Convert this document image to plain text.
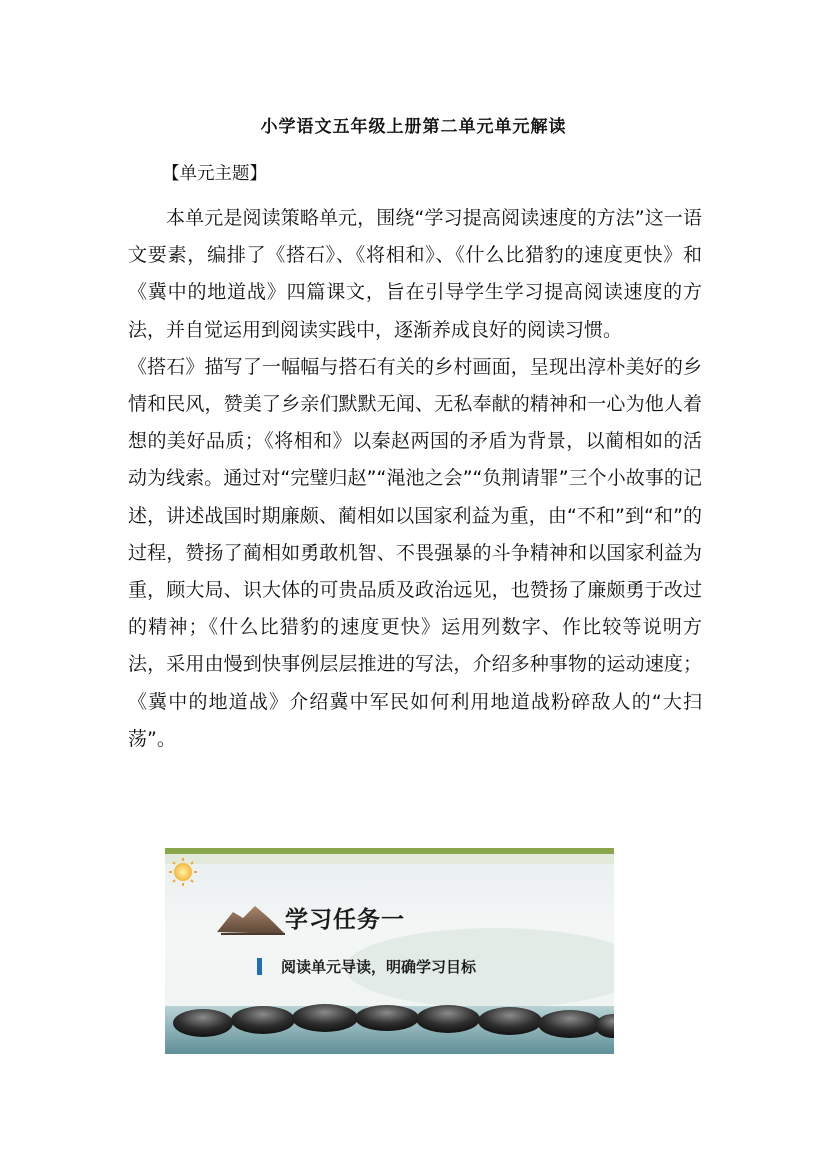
小学语文五年级上册第二单元单元解读
【单元主题】

本单元是阅读策略单元，围绕“学习提高阅读速度的方法”这一语文要素，编排了《搭石》、《将相和》、《什么比猎豹的速度更快》和《冀中的地道战》四篇课文，旨在引导学生学习提高阅读速度的方法，并自觉运用到阅读实践中，逐渐养成良好的阅读习惯。

《搭石》描写了一幅幅与搭石有关的乡村画面，呈现出淳朴美好的乡情和民风，赞美了乡亲们默默无闻、无私奉献的精神和一心为他人着想的美好品质；《将相和》以秦赵两国的矛盾为背景，以蔺相如的活动为线索。通过对“完璧归赵”“渑池之会”“负荆请罪”三个小故事的记述，讲述战国时期廉颇、蔺相如以国家利益为重，由“不和”到“和”的过程，赞扬了蔺相如勇敢机智、不畏强暴的斗争精神和以国家利益为重，顾大局、识大体的可贵品质及政治远见，也赞扬了廉颇勇于改过的精神；《什么比猎豹的速度更快》运用列数字、作比较等说明方法，采用由慢到快事例层层推进的写法，介绍多种事物的运动速度；《冀中的地道战》介绍冀中军民如何利用地道战粉碎敌人的“大扫荡”。

学习任务一
阅读单元导读，明确学习目标
